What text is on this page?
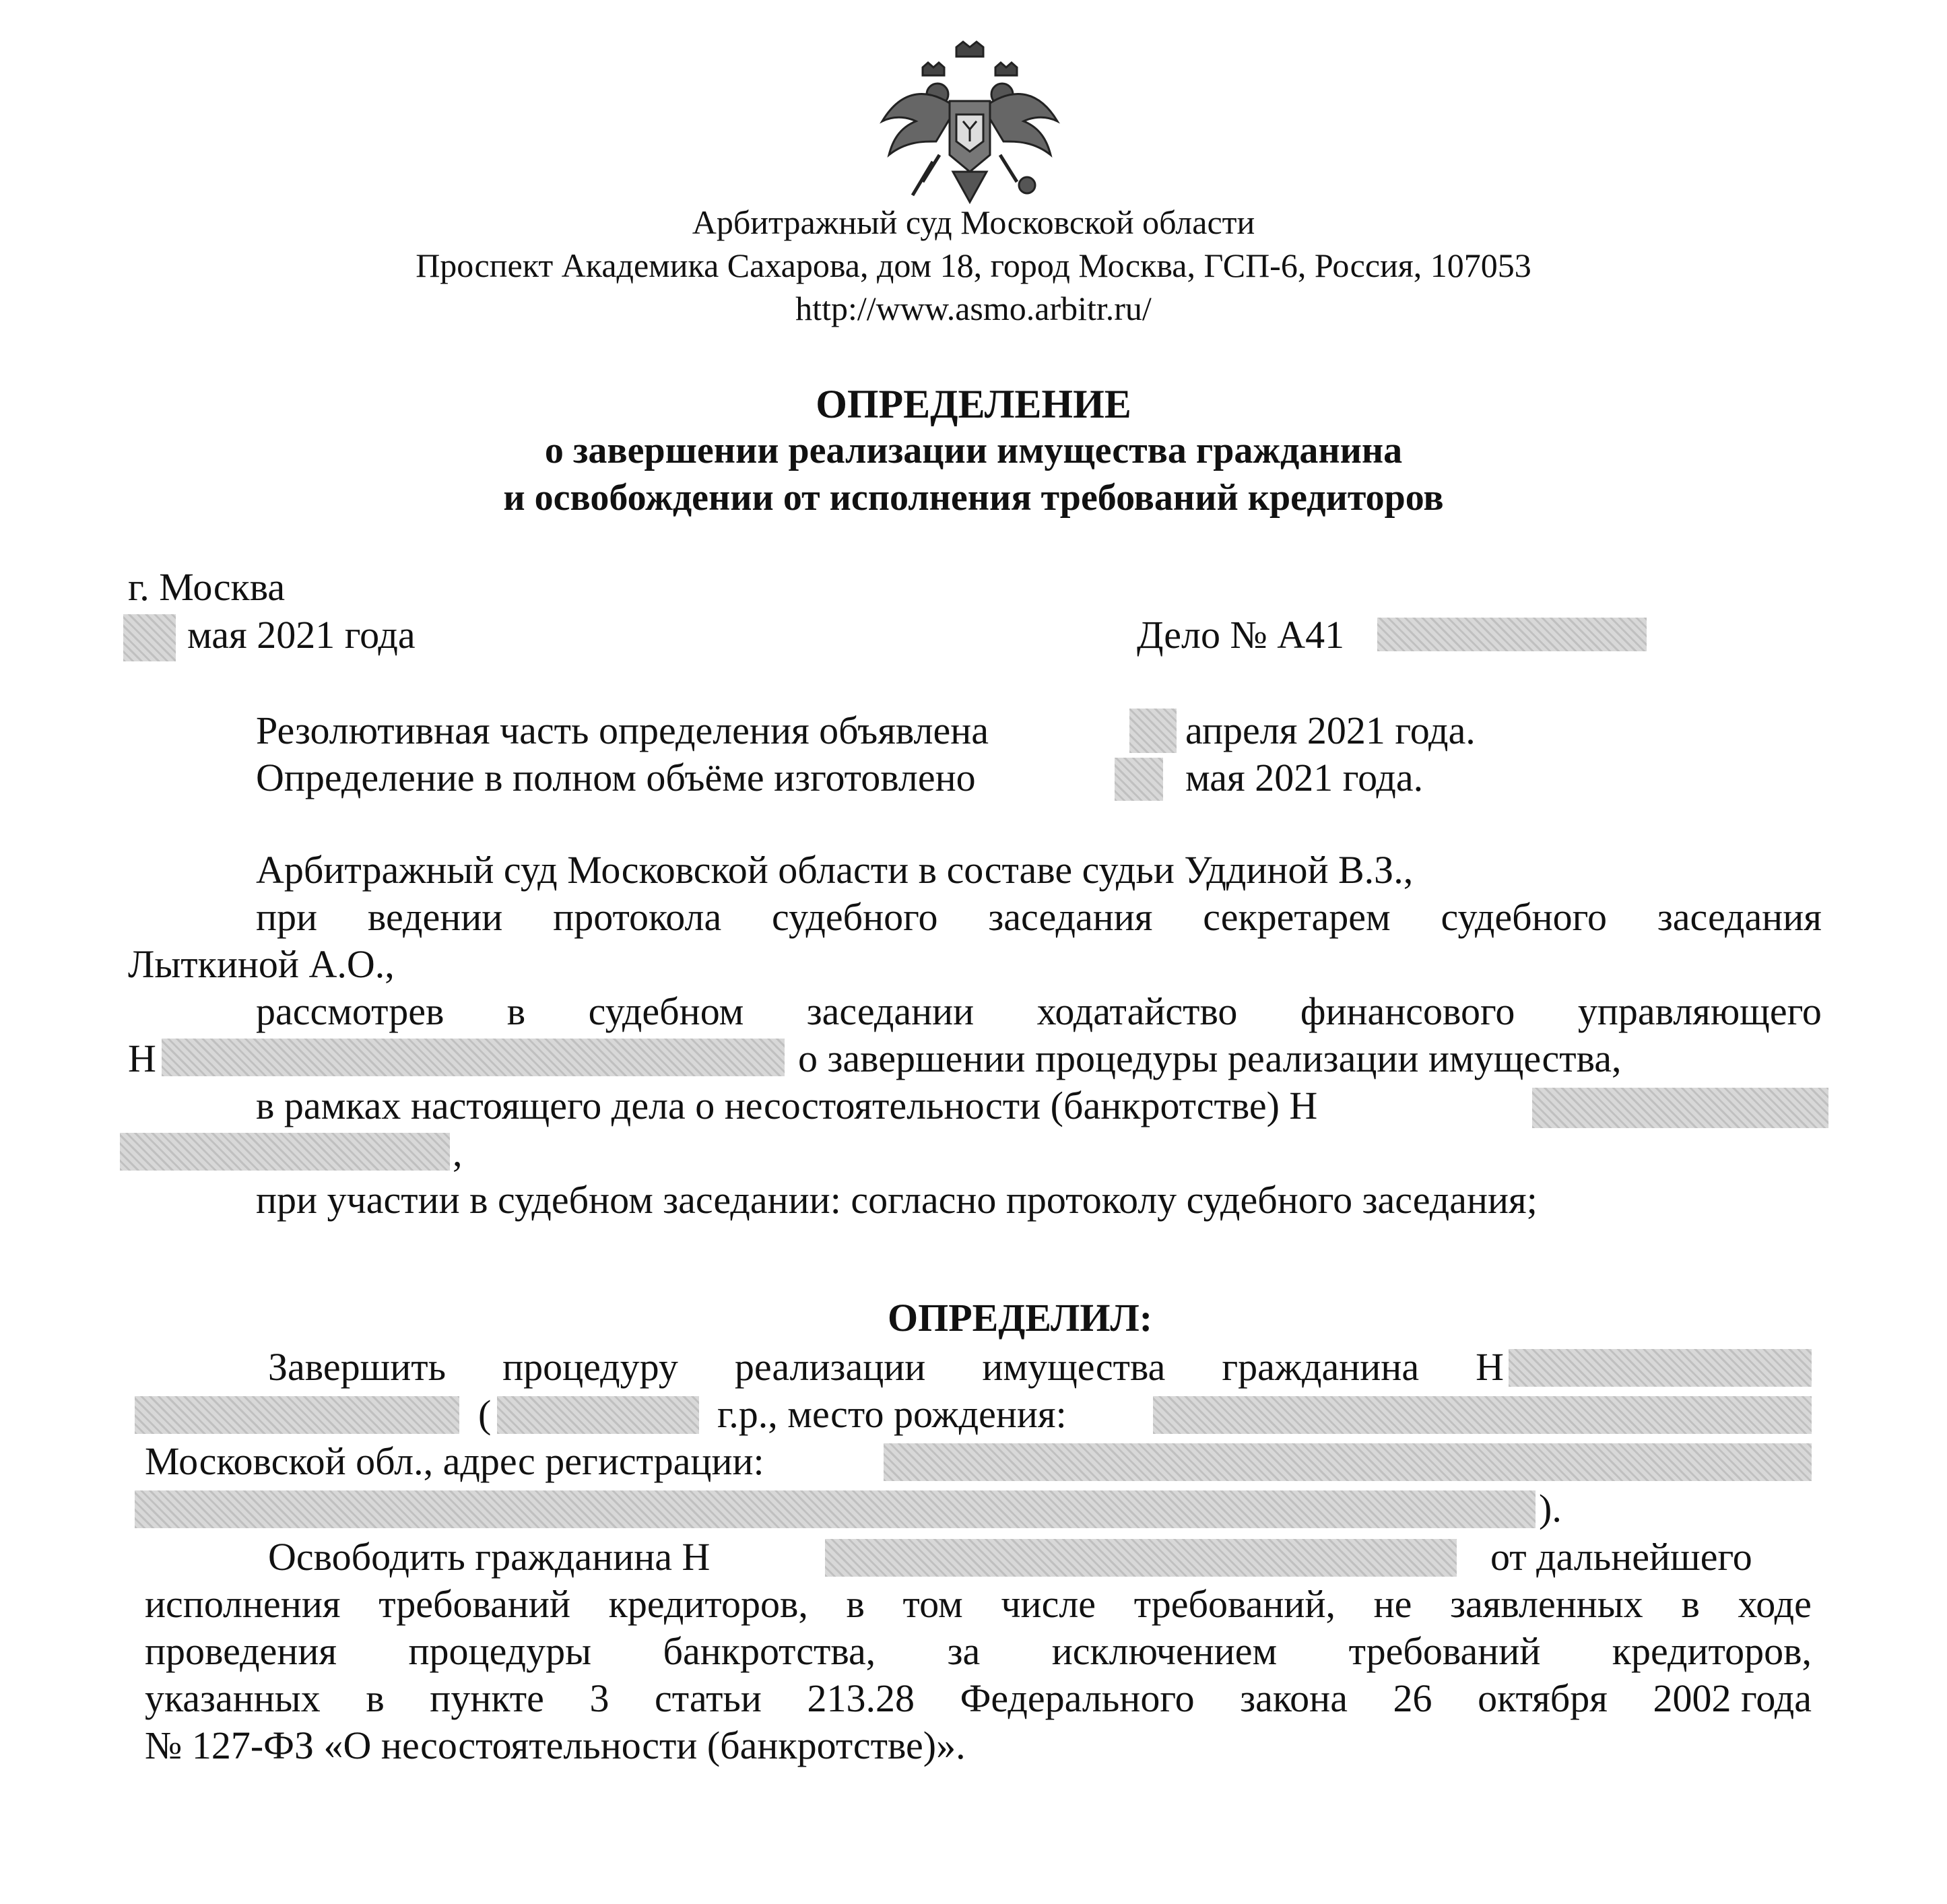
Арбитражный суд Московской области
Проспект Академика Сахарова, дом 18, город Москва, ГСП-6, Россия, 107053
http://www.asmo.arbitr.ru/
ОПРЕДЕЛЕНИЕ
о завершении реализации имущества гражданина
и освобождении от исполнения требований кредиторов
г. Москва
мая 2021 года	Дело № А41
Резолютивная часть определения объявлена	апреля 2021 года.
Определение в полном объёме изготовлено	мая 2021 года.
Арбитражный суд Московской области в составе судьи Уддиной В.З.,
при ведении протокола судебного заседания секретарем судебного заседания
Лыткиной А.О.,
рассмотрев в судебном заседании ходатайство финансового управляющего
Н	о завершении процедуры реализации имущества,
в рамках настоящего дела о несостоятельности (банкротстве) Н
,
при участии в судебном заседании: согласно протоколу судебного заседания;
ОПРЕДЕЛИЛ:
Завершить процедуру реализации имущества гражданина Н
(	г.р., место рождения:
Московской обл., адрес регистрации:
).
Освободить гражданина Н	от дальнейшего
исполнения требований кредиторов, в том числе требований, не заявленных в ходе
проведения процедуры банкротства, за исключением требований кредиторов,
указанных в пункте 3 статьи 213.28 Федерального закона 26 октября 2002 года
№ 127-ФЗ «О несостоятельности (банкротстве)».
